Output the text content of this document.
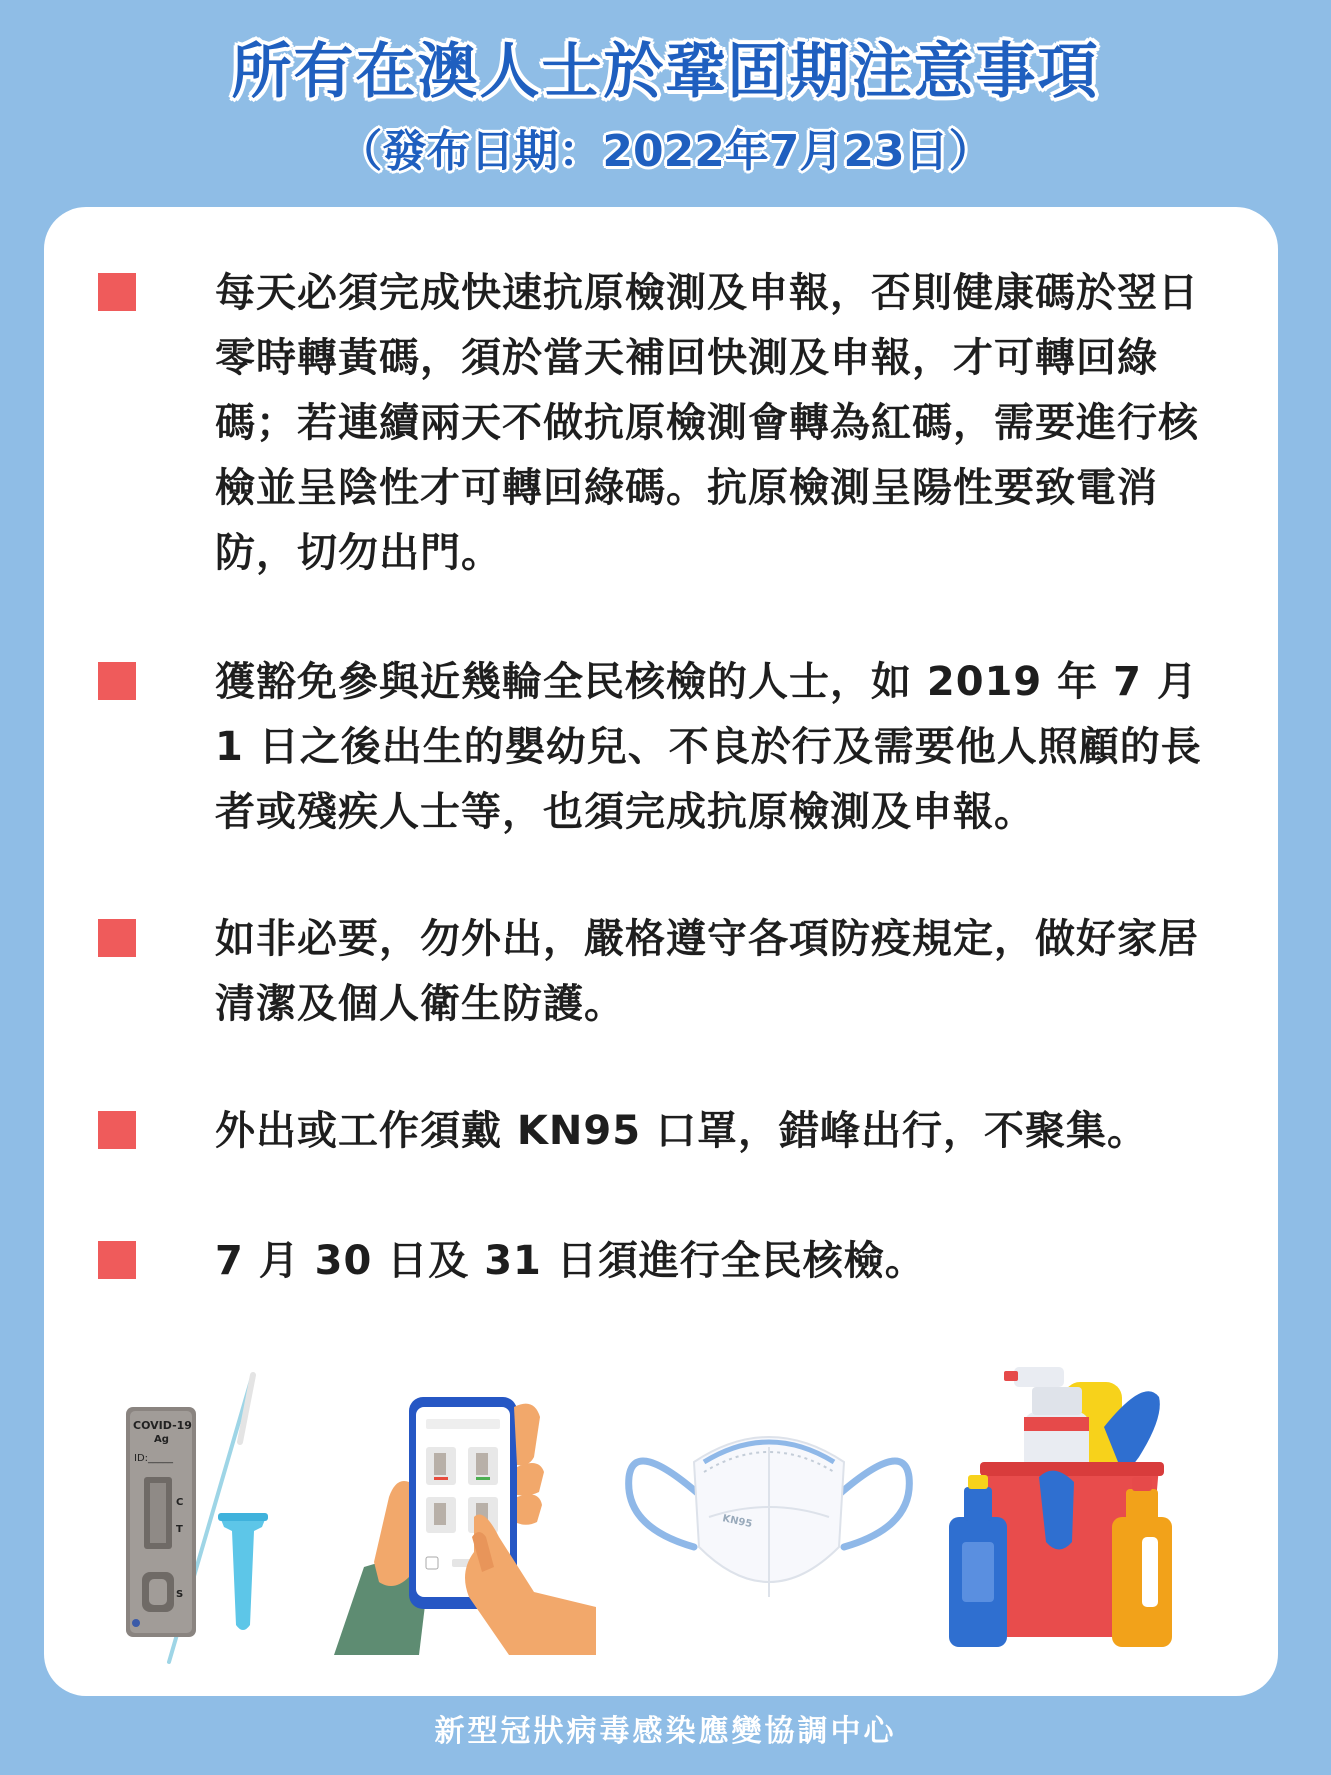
所有在澳人士於鞏固期注意事項
（發布日期：2022年7月23日）

每天必須完成快速抗原檢測及申報，否則健康碼於翌日零時轉黃碼，須於當天補回快測及申報，才可轉回綠碼；若連續兩天不做抗原檢測會轉為紅碼，需要進行核檢並呈陰性才可轉回綠碼。抗原檢測呈陽性要致電消防，切勿出門。

獲豁免參與近幾輪全民核檢的人士，如 2019 年 7 月 1 日之後出生的嬰幼兒、不良於行及需要他人照顧的長者或殘疾人士等，也須完成抗原檢測及申報。

如非必要，勿外出，嚴格遵守各項防疫規定，做好家居清潔及個人衛生防護。

外出或工作須戴 KN95 口罩，錯峰出行，不聚集。

7 月 30 日及 31 日須進行全民核檢。

COVID-19
Ag
ID:_____
C
T
S
KN95
新型冠狀病毒感染應變協調中心
